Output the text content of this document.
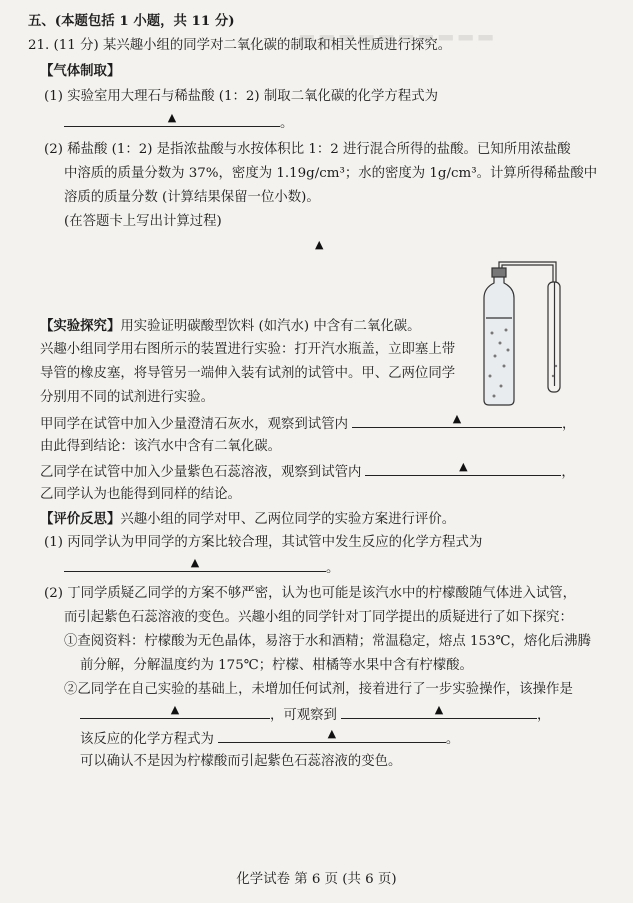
▂▂▂▂▂▂▂▂▂▂
五、(本题包括 1 小题，共 11 分)
21. (11 分) 某兴趣小组的同学对二氧化碳的制取和相关性质进行探究。
【气体制取】
(1) 实验室用大理石与稀盐酸 (1：2) 制取二氧化碳的化学方程式为
▲	。
(2) 稀盐酸 (1：2) 是指浓盐酸与水按体积比 1：2 进行混合所得的盐酸。已知所用浓盐酸
中溶质的质量分数为 37%，密度为 1.19g/cm³；水的密度为 1g/cm³。计算所得稀盐酸中
溶质的质量分数 (计算结果保留一位小数)。
(在答题卡上写出计算过程)
▲
【实验探究】用实验证明碳酸型饮料 (如汽水) 中含有二氧化碳。
兴趣小组同学用右图所示的装置进行实验：打开汽水瓶盖，立即塞上带
导管的橡皮塞，将导管另一端伸入装有试剂的试管中。甲、乙两位同学
分别用不同的试剂进行实验。
甲同学在试管中加入少量澄清石灰水，观察到试管内	▲	，
由此得到结论：该汽水中含有二氧化碳。
乙同学在试管中加入少量紫色石蕊溶液，观察到试管内	▲	，
乙同学认为也能得到同样的结论。
【评价反思】兴趣小组的同学对甲、乙两位同学的实验方案进行评价。
(1) 丙同学认为甲同学的方案比较合理，其试管中发生反应的化学方程式为
▲	。
(2) 丁同学质疑乙同学的方案不够严密，认为也可能是该汽水中的柠檬酸随气体进入试管，
而引起紫色石蕊溶液的变色。兴趣小组的同学针对丁同学提出的质疑进行了如下探究：
①查阅资料：柠檬酸为无色晶体，易溶于水和酒精；常温稳定，熔点 153℃，熔化后沸腾
前分解，分解温度约为 175℃；柠檬、柑橘等水果中含有柠檬酸。
②乙同学在自己实验的基础上，未增加任何试剂，接着进行了一步实验操作，该操作是
▲	，可观察到	▲	，
该反应的化学方程式为	▲	。
可以确认不是因为柠檬酸而引起紫色石蕊溶液的变色。
化学试卷 第 6 页 (共 6 页)
